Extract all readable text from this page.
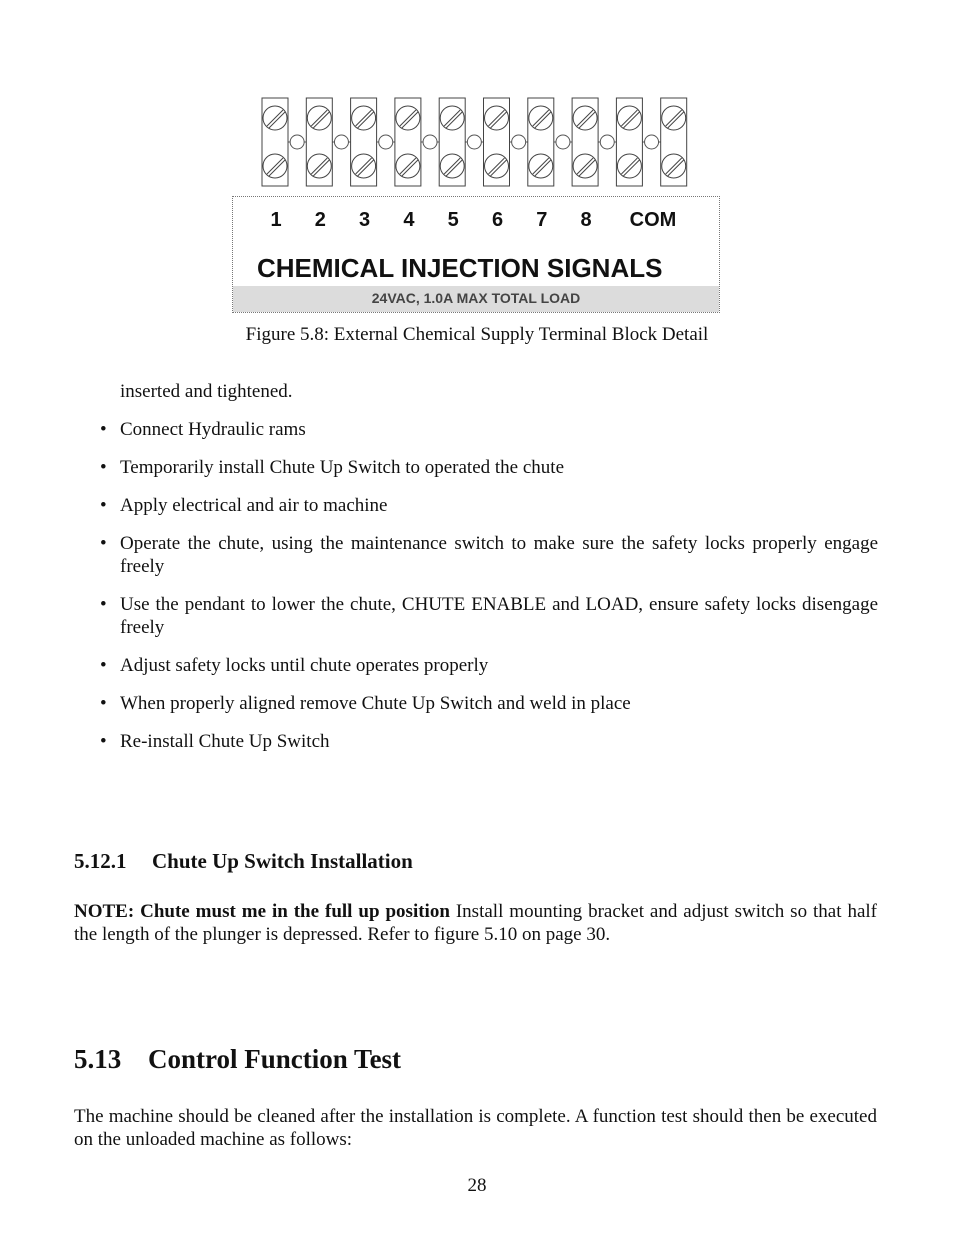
1 2 3 4 5 6 7 8 COM
CHEMICAL INJECTION SIGNALS
24VAC, 1.0A MAX TOTAL LOAD
Figure 5.8: External Chemical Supply Terminal Block Detail
inserted and tightened.
• Connect Hydraulic rams
• Temporarily install Chute Up Switch to operated the chute
• Apply electrical and air to machine
• Operate the chute, using the maintenance switch to make sure the safety locks properly engage freely
• Use the pendant to lower the chute, CHUTE ENABLE and LOAD, ensure safety locks disengage freely
• Adjust safety locks until chute operates properly
• When properly aligned remove Chute Up Switch and weld in place
• Re-install Chute Up Switch
5.12.1 Chute Up Switch Installation
NOTE: Chute must me in the full up position Install mounting bracket and adjust switch so that half the length of the plunger is depressed. Refer to figure 5.10 on page 30.
5.13 Control Function Test
The machine should be cleaned after the installation is complete. A function test should then be executed on the unloaded machine as follows:
28
